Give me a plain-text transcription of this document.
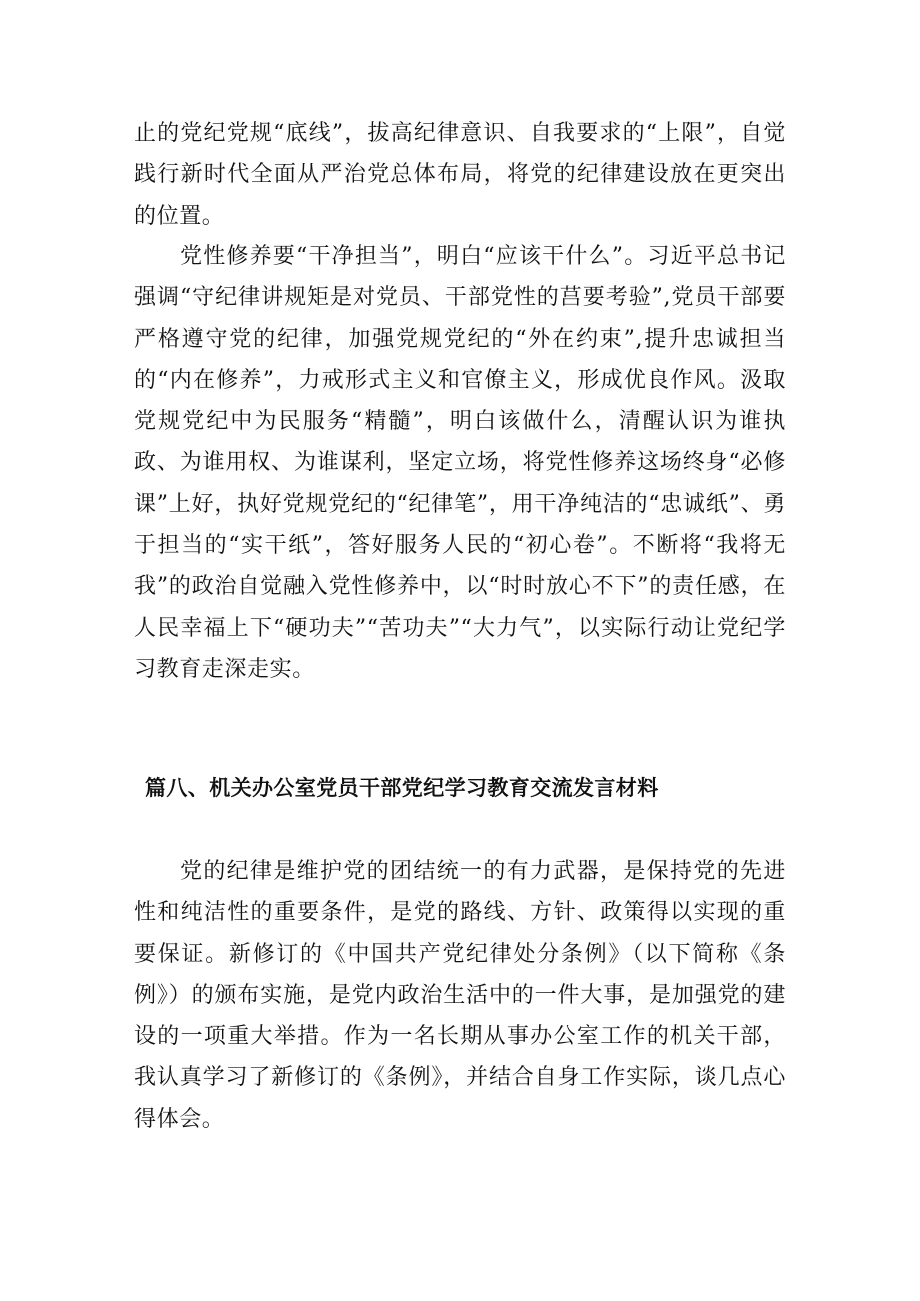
止的党纪党规“底线”，拔高纪律意识、自我要求的“上限”，自觉践行新时代全面从严治党总体布局，将党的纪律建设放在更突出的位置。

党性修养要“干净担当”，明白“应该干什么”。习近平总书记强调“守纪律讲规矩是对党员、干部党性的莒要考验”,党员干部要严格遵守党的纪律，加强党规党纪的“外在约束”,提升忠诚担当的“内在修养”，力戒形式主义和官僚主义，形成优良作风。汲取党规党纪中为民服务“精髓”，明白该做什么，清醒认识为谁执政、为谁用权、为谁谋利，坚定立场，将党性修养这场终身“必修课”上好，执好党规党纪的“纪律笔”，用干净纯洁的“忠诚纸”、勇于担当的“实干纸”，答好服务人民的“初心卷”。不断将“我将无我”的政治自觉融入党性修养中，以“时时放心不下”的责任感，在人民幸福上下“硬功夫”“苦功夫”“大力气”，以实际行动让党纪学习教育走深走实。

篇八、机关办公室党员干部党纪学习教育交流发言材料

党的纪律是维护党的团结统一的有力武器，是保持党的先进性和纯洁性的重要条件，是党的路线、方针、政策得以实现的重要保证。新修订的《中国共产党纪律处分条例》（以下简称《条例》）的颁布实施，是党内政治生活中的一件大事，是加强党的建设的一项重大举措。作为一名长期从事办公室工作的机关干部，我认真学习了新修订的《条例》，并结合自身工作实际，谈几点心得体会。
